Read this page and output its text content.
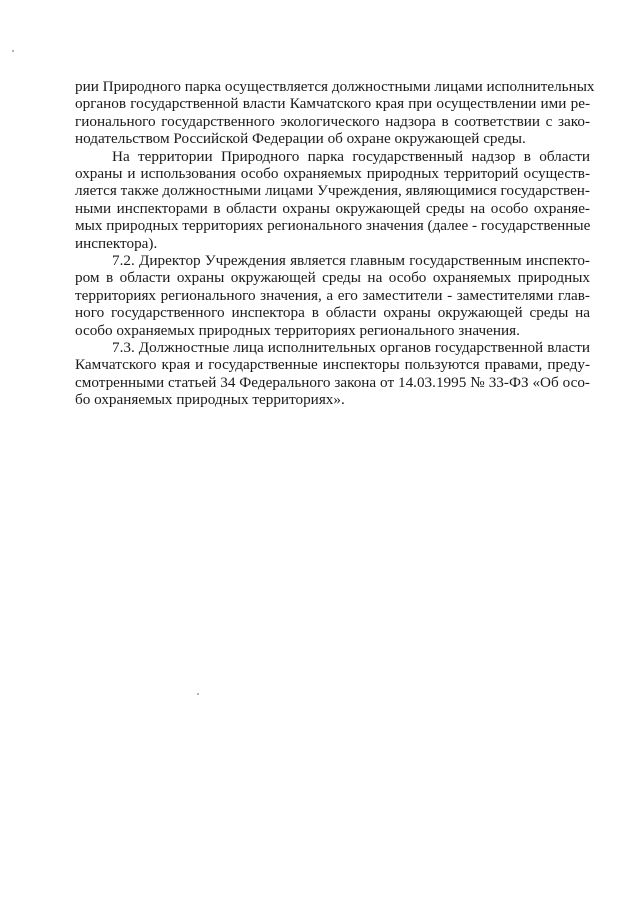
рии Природного парка осуществляется должностными лицами исполнительных
органов государственной власти Камчатского края при осуществлении ими ре-
гионального государственного экологического надзора в соответствии с зако-
нодательством Российской Федерации об охране окружающей среды.
На территории Природного парка государственный надзор в области
охраны и использования особо охраняемых природных территорий осуществ-
ляется также должностными лицами Учреждения, являющимися государствен-
ными инспекторами в области охраны окружающей среды на особо охраняе-
мых природных территориях регионального значения (далее - государственные
инспектора).
7.2. Директор Учреждения является главным государственным инспекто-
ром в области охраны окружающей среды на особо охраняемых природных
территориях регионального значения, а его заместители - заместителями глав-
ного государственного инспектора в области охраны окружающей среды на
особо охраняемых природных территориях регионального значения.
7.3. Должностные лица исполнительных органов государственной власти
Камчатского края и государственные инспекторы пользуются правами, преду-
смотренными статьей 34 Федерального закона от 14.03.1995 № 33-ФЗ «Об осо-
бо охраняемых природных территориях».
